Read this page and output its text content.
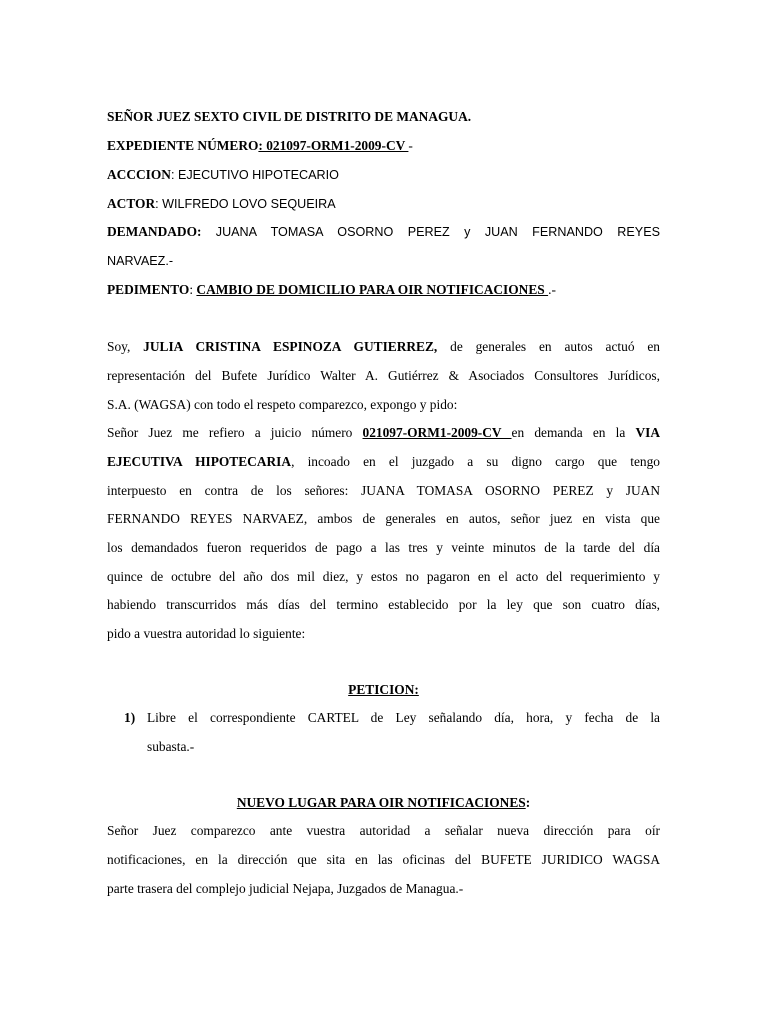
SEÑOR JUEZ SEXTO CIVIL DE DISTRITO DE MANAGUA.
EXPEDIENTE NÚMERO: 021097-ORM1-2009-CV -
ACCCION: EJECUTIVO HIPOTECARIO
ACTOR: WILFREDO LOVO SEQUEIRA
DEMANDADO: JUANA TOMASA OSORNO PEREZ y JUAN FERNANDO REYES
NARVAEZ.-
PEDIMENTO: CAMBIO DE DOMICILIO PARA OIR NOTIFICACIONES .-
Soy, JULIA CRISTINA ESPINOZA GUTIERREZ, de generales en autos actuó en
representación del Bufete Jurídico Walter A. Gutiérrez & Asociados Consultores Jurídicos,
S.A. (WAGSA) con todo el respeto comparezco, expongo y pido:
Señor Juez me refiero a juicio número 021097-ORM1-2009-CV en demanda en la VIA
EJECUTIVA HIPOTECARIA, incoado en el juzgado a su digno cargo que tengo
interpuesto en contra de los señores: JUANA TOMASA OSORNO PEREZ y JUAN
FERNANDO REYES NARVAEZ, ambos de generales en autos, señor juez en vista que
los demandados fueron requeridos de pago a las tres y veinte minutos de la tarde del día
quince de octubre del año dos mil diez, y estos no pagaron en el acto del requerimiento y
habiendo transcurridos más días del termino establecido por la ley que son cuatro días,
pido a vuestra autoridad lo siguiente:
PETICION:
1) Libre el correspondiente CARTEL de Ley señalando día, hora, y fecha de la
subasta.-
NUEVO LUGAR PARA OIR NOTIFICACIONES:
Señor Juez comparezco ante vuestra autoridad a señalar nueva dirección para oír
notificaciones, en la dirección que sita en las oficinas del BUFETE JURIDICO WAGSA
parte trasera del complejo judicial Nejapa, Juzgados de Managua.-
